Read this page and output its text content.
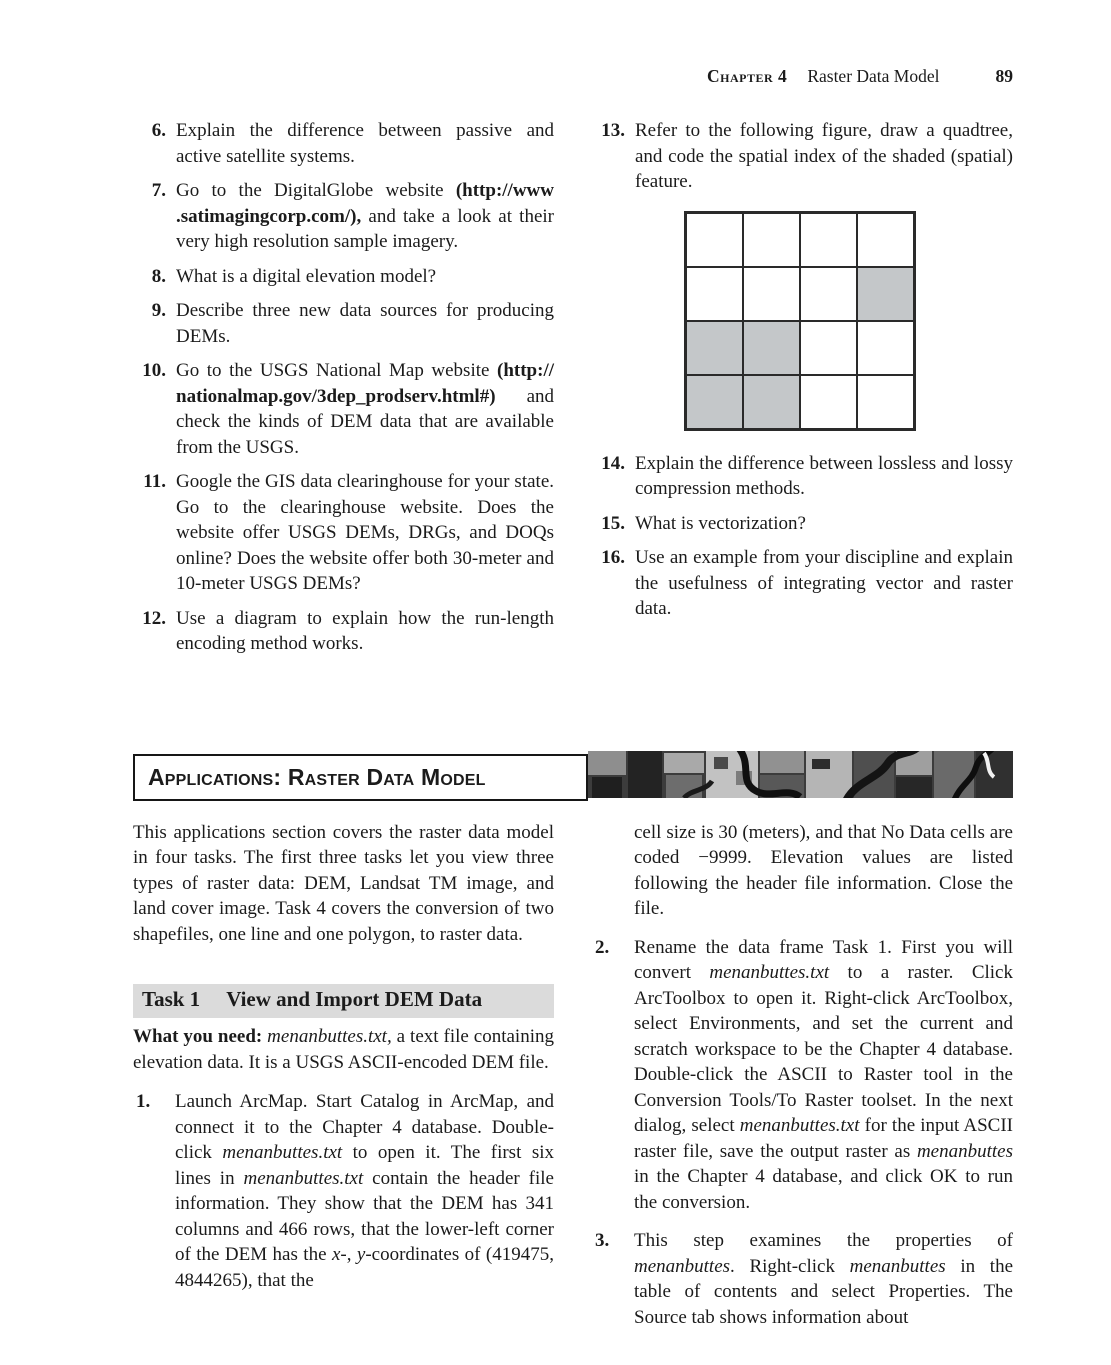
Chapter 4 Raster Data Model	89
6. Explain the difference between passive and active satellite systems.
7. Go to the DigitalGlobe website (http://www​.satimagingcorp.com/), and take a look at their very high resolution sample imagery.
8. What is a digital elevation model?
9. Describe three new data sources for producing DEMs.
10. Go to the USGS National Map website (http://​nationalmap.gov/3dep_prodserv.html#) and check the kinds of DEM data that are available from the USGS.
11. Google the GIS data clearinghouse for your state. Go to the clearinghouse website. Does the website offer USGS DEMs, DRGs, and DOQs online? Does the website offer both 30-meter and 10-meter USGS DEMs?
12. Use a diagram to explain how the run-length encoding method works.
13. Refer to the following figure, draw a quadtree, and code the spatial index of the shaded (spatial) feature.
14. Explain the difference between lossless and lossy compression methods.
15. What is vectorization?
16. Use an example from your discipline and explain the usefulness of integrating vector and raster data.
Applications: Raster Data Model

This applications section covers the raster data model in four tasks. The first three tasks let you view three types of raster data: DEM, Landsat TM image, and land cover image. Task 4 covers the conversion of two shapefiles, one line and one polygon, to raster data.

Task 1 View and Import DEM Data

What you need: menanbuttes.txt, a text file containing elevation data. It is a USGS ASCII-encoded DEM file.

1.	Launch ArcMap. Start Catalog in ArcMap, and connect it to the Chapter 4 database. Double-click menanbuttes.txt to open it. The first six lines in menanbuttes.txt contain the header file information. They show that the DEM has 341 columns and 466 rows, that the lower-left corner of the DEM has the x-, y-coordinates of (419475, 4844265), that the

cell size is 30 (meters), and that No Data cells are coded −9999. Elevation values are listed following the header file information. Close the file.

2.	Rename the data frame Task 1. First you will convert menanbuttes.txt to a raster. Click ArcToolbox to open it. Right-click ArcToolbox, select Environments, and set the current and scratch workspace to be the Chapter 4 database. Double-click the ASCII to Raster tool in the Conversion Tools/To Raster toolset. In the next dialog, select menanbuttes.txt for the input ASCII raster file, save the output raster as menanbuttes in the Chapter 4 database, and click OK to run the conversion.
3.	This step examines the properties of menanbuttes. Right-click menanbuttes in the table of contents and select Properties. The Source tab shows information about
